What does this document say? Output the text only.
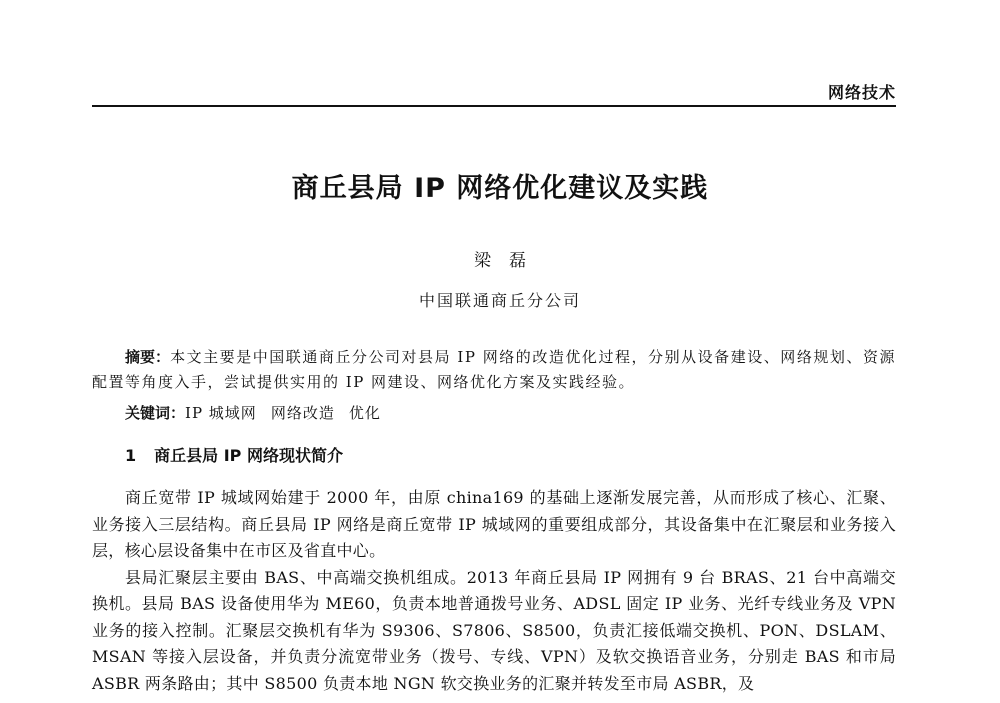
网络技术
商丘县局 IP 网络优化建议及实践
梁磊
中国联通商丘分公司
摘要：本文主要是中国联通商丘分公司对县局 IP 网络的改造优化过程，分别从设备建设、网络规划、资源配置等角度入手，尝试提供实用的 IP 网建设、网络优化方案及实践经验。
关键词：IP 城域网 网络改造 优化
1 商丘县局 IP 网络现状简介

商丘宽带 IP 城域网始建于 2000 年，由原 china169 的基础上逐渐发展完善，从而形成了核心、汇聚、业务接入三层结构。商丘县局 IP 网络是商丘宽带 IP 城域网的重要组成部分，其设备集中在汇聚层和业务接入层，核心层设备集中在市区及省直中心。

县局汇聚层主要由 BAS、中高端交换机组成。2013 年商丘县局 IP 网拥有 9 台 BRAS、21 台中高端交换机。县局 BAS 设备使用华为 ME60，负责本地普通拨号业务、ADSL 固定 IP 业务、光纤专线业务及 VPN 业务的接入控制。汇聚层交换机有华为 S9306、S7806、S8500，负责汇接低端交换机、PON、DSLAM、MSAN 等接入层设备，并负责分流宽带业务（拨号、专线、VPN）及软交换语音业务，分别走 BAS 和市局 ASBR 两条路由；其中 S8500 负责本地 NGN 软交换业务的汇聚并转发至市局 ASBR，及
